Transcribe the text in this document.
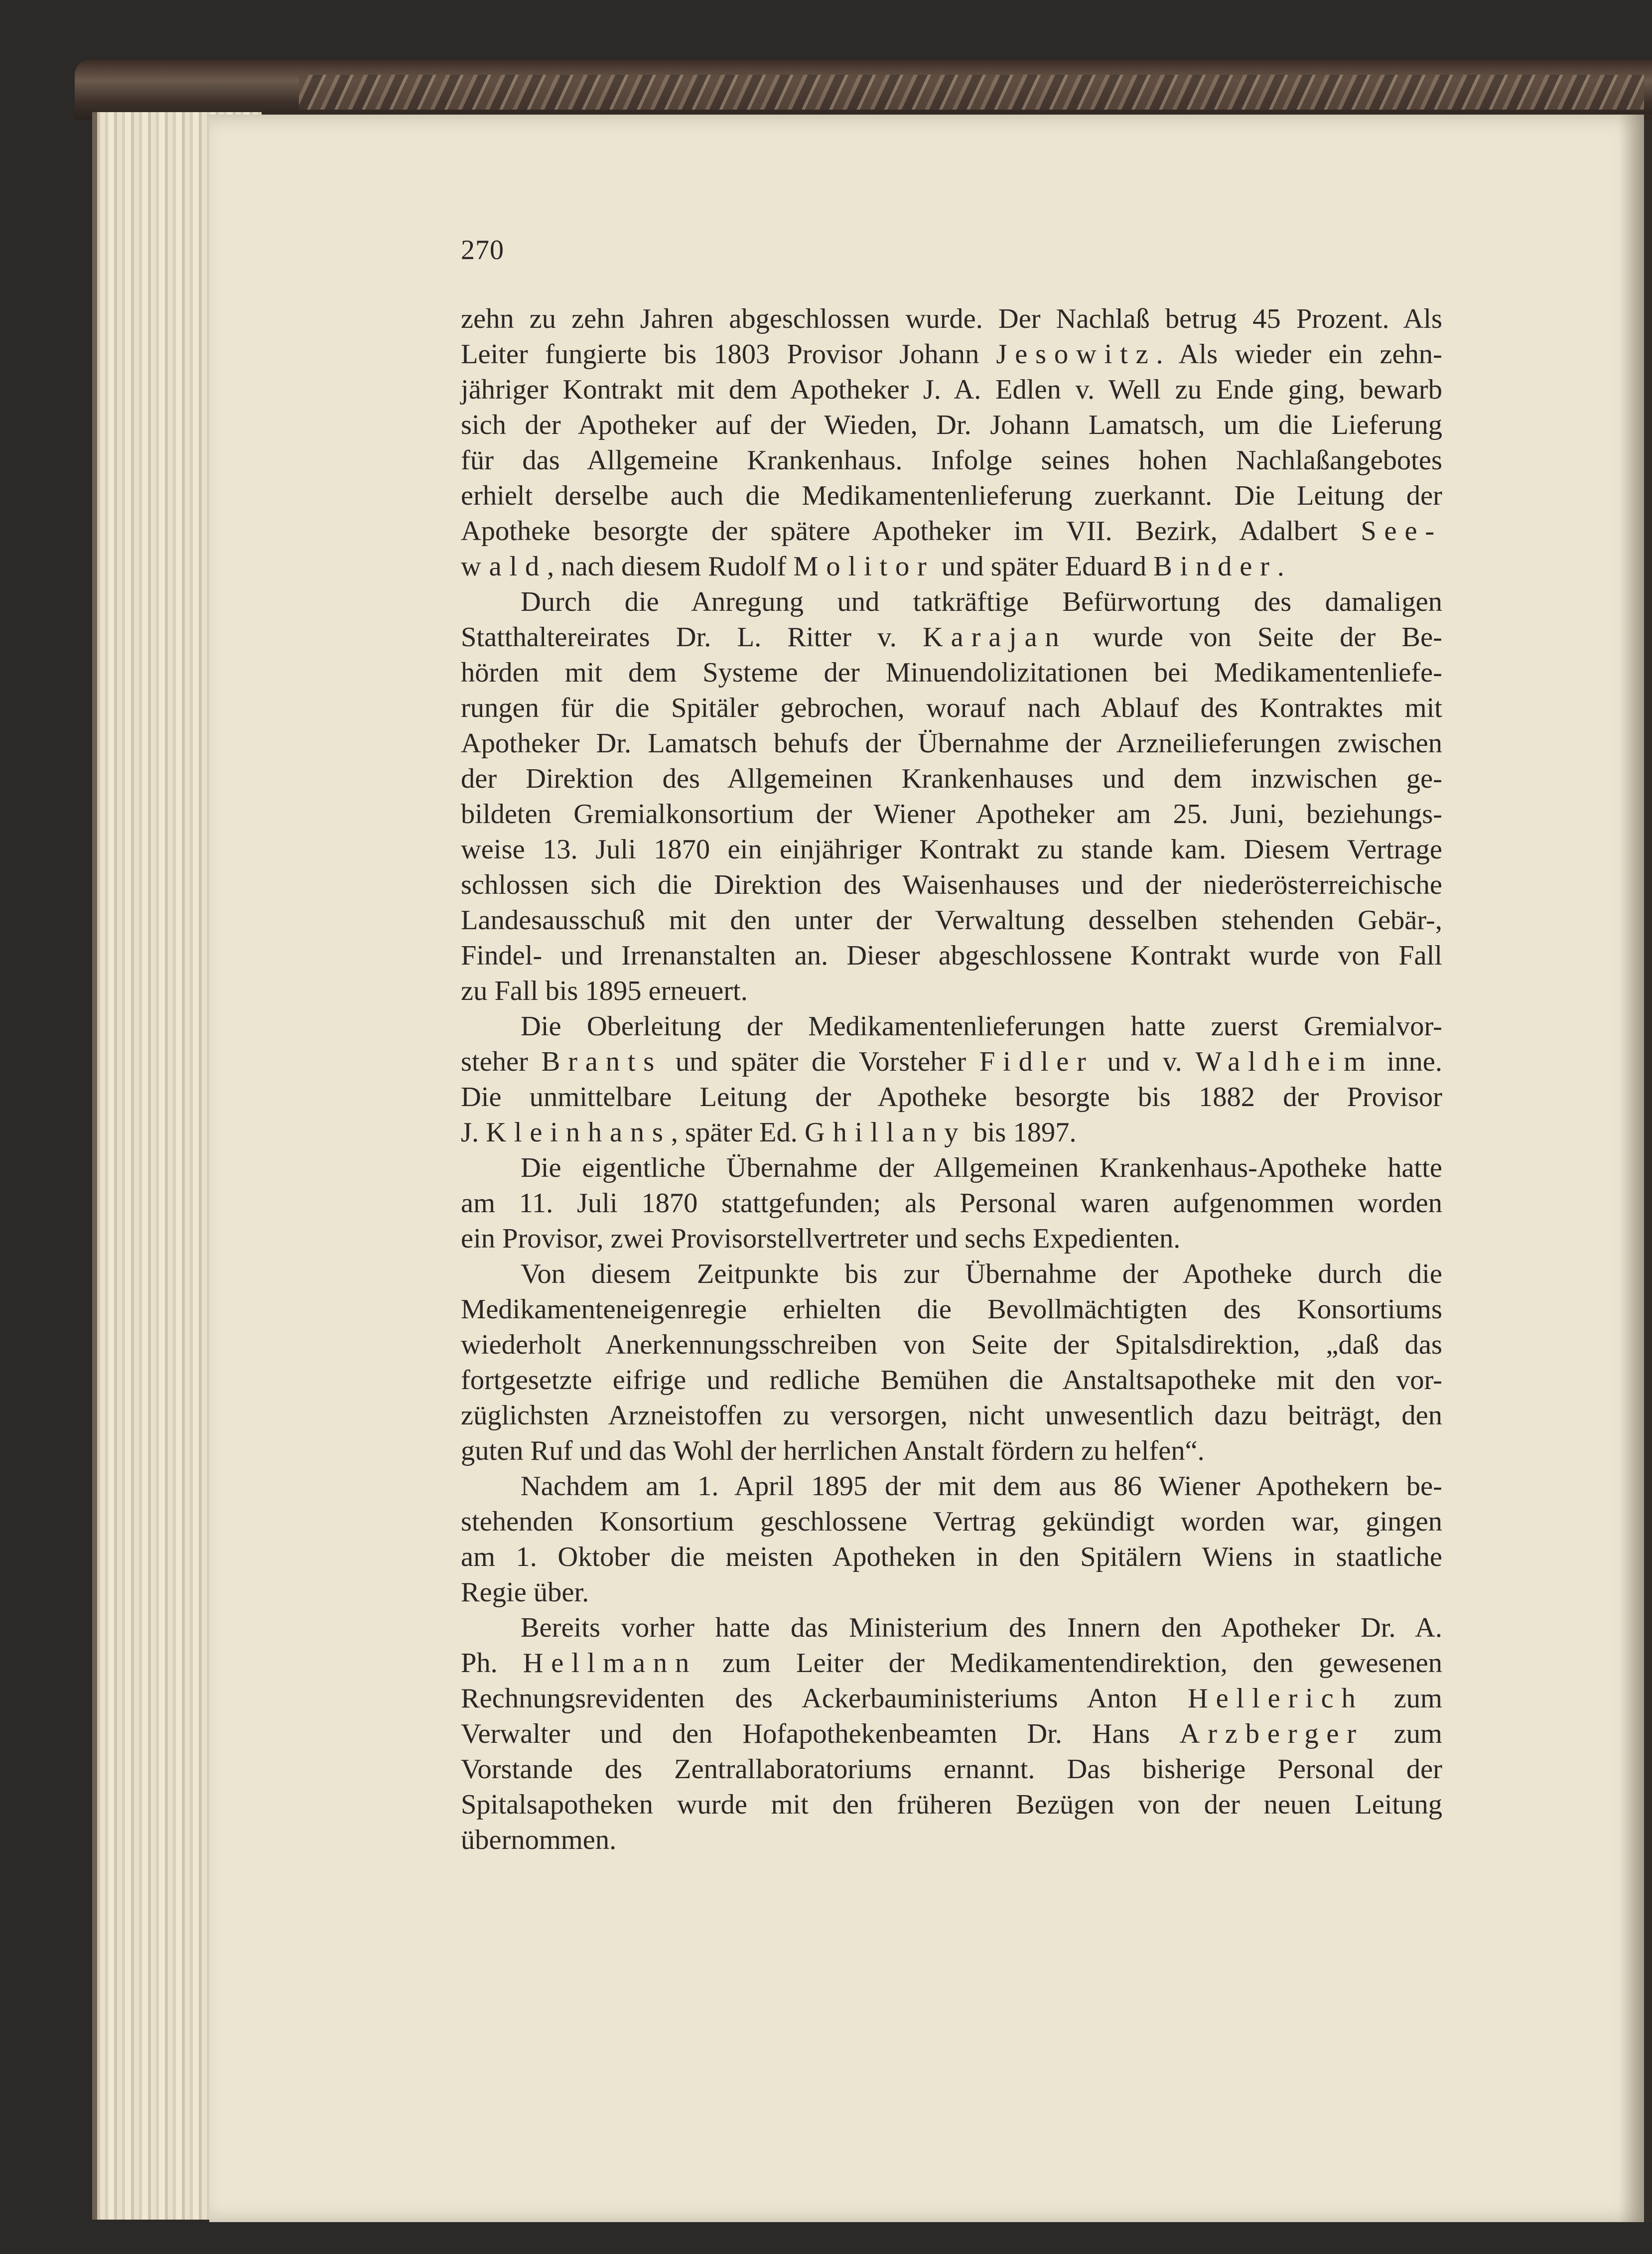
270
zehn zu zehn Jahren abgeschlossen wurde. Der Nachlaß betrug 45 Prozent. Als
Leiter fungierte bis 1803 Provisor Johann Jesowitz. Als wieder ein zehn-
jähriger Kontrakt mit dem Apotheker J. A. Edlen v. Well zu Ende ging, bewarb
sich der Apotheker auf der Wieden, Dr. Johann Lamatsch, um die Lieferung
für das Allgemeine Krankenhaus. Infolge seines hohen Nachlaßangebotes
erhielt derselbe auch die Medikamentenlieferung zuerkannt. Die Leitung der
Apotheke besorgte der spätere Apotheker im VII. Bezirk, Adalbert See-
wald, nach diesem Rudolf Molitor und später Eduard Binder.
Durch die Anregung und tatkräftige Befürwortung des damaligen
Statthaltereirates Dr. L. Ritter v. Karajan wurde von Seite der Be-
hörden mit dem Systeme der Minuendolizitationen bei Medikamentenliefe-
rungen für die Spitäler gebrochen, worauf nach Ablauf des Kontraktes mit
Apotheker Dr. Lamatsch behufs der Übernahme der Arzneilieferungen zwischen
der Direktion des Allgemeinen Krankenhauses und dem inzwischen ge-
bildeten Gremialkonsortium der Wiener Apotheker am 25. Juni, beziehungs-
weise 13. Juli 1870 ein einjähriger Kontrakt zu stande kam. Diesem Vertrage
schlossen sich die Direktion des Waisenhauses und der niederösterreichische
Landesausschuß mit den unter der Verwaltung desselben stehenden Gebär-,
Findel- und Irrenanstalten an. Dieser abgeschlossene Kontrakt wurde von Fall
zu Fall bis 1895 erneuert.
Die Oberleitung der Medikamentenlieferungen hatte zuerst Gremialvor-
steher Brants und später die Vorsteher Fidler und v. Waldheim inne.
Die unmittelbare Leitung der Apotheke besorgte bis 1882 der Provisor
J. Kleinhans, später Ed. Ghillany bis 1897.
Die eigentliche Übernahme der Allgemeinen Krankenhaus-Apotheke hatte
am 11. Juli 1870 stattgefunden; als Personal waren aufgenommen worden
ein Provisor, zwei Provisorstellvertreter und sechs Expedienten.
Von diesem Zeitpunkte bis zur Übernahme der Apotheke durch die
Medikamenteneigenregie erhielten die Bevollmächtigten des Konsortiums
wiederholt Anerkennungsschreiben von Seite der Spitalsdirektion, „daß das
fortgesetzte eifrige und redliche Bemühen die Anstaltsapotheke mit den vor-
züglichsten Arzneistoffen zu versorgen, nicht unwesentlich dazu beiträgt, den
guten Ruf und das Wohl der herrlichen Anstalt fördern zu helfen“.
Nachdem am 1. April 1895 der mit dem aus 86 Wiener Apothekern be-
stehenden Konsortium geschlossene Vertrag gekündigt worden war, gingen
am 1. Oktober die meisten Apotheken in den Spitälern Wiens in staatliche
Regie über.
Bereits vorher hatte das Ministerium des Innern den Apotheker Dr. A.
Ph. Hellmann zum Leiter der Medikamentendirektion, den gewesenen
Rechnungsrevidenten des Ackerbauministeriums Anton Hellerich zum
Verwalter und den Hofapothekenbeamten Dr. Hans Arzberger zum
Vorstande des Zentrallaboratoriums ernannt. Das bisherige Personal der
Spitalsapotheken wurde mit den früheren Bezügen von der neuen Leitung
übernommen.
